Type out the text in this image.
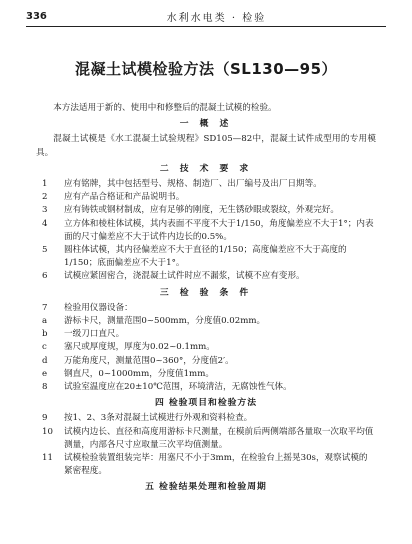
336	水利水电类 · 检验
混凝土试模检验方法（SL130—95）

本方法适用于新的、使用中和修整后的混凝土试模的检验。

一 概 述

混凝土试模是《水工混凝土试验规程》SD105—82中，混凝土试件成型用的专用模具。

二 技 术 要 求
1	应有铭牌，其中包括型号、规格、制造厂、出厂编号及出厂日期等。
2	应有产品合格证和产品说明书。
3	应有铸铁或钢材制成，应有足够的刚度，无生锈砂眼或裂纹，外观完好。
4	立方体和棱柱体试模，其内表面不平度不大于1/150，角度偏差应不大于1°；内表面的尺寸偏差应不大于试件内边长的0.5%。
5	圆柱体试模，其内径偏差应不大于直径的1/150；高度偏差应不大于高度的1/150；底面偏差应不大于1°。
6	试模应紧固密合，浇混凝土试件时应不漏浆，试模不应有变形。
三 检 验 条 件
7	检验用仪器设备：
a	游标卡尺，测量范围0~500mm，分度值0.02mm。
b	一级刀口直尺。
c	塞尺或厚度规，厚度为0.02~0.1mm。
d	万能角度尺，测量范围0~360°，分度值2′。
e	钢直尺，0~1000mm，分度值1mm。
8	试验室温度应在20±10℃范围，环境清洁，无腐蚀性气体。
四 检验项目和检验方法
9	按1、2、3条对混凝土试模进行外观和资料检查。
10	试模内边长、直径和高度用游标卡尺测量，在模前后两侧端部各量取一次取平均值测量，内部各尺寸应取量三次平均值测量。
11	试模检验装置组装完毕：用塞尺不小于3mm，在检验台上摇晃30s，观察试模的紧密程度。
五 检验结果处理和检验周期
